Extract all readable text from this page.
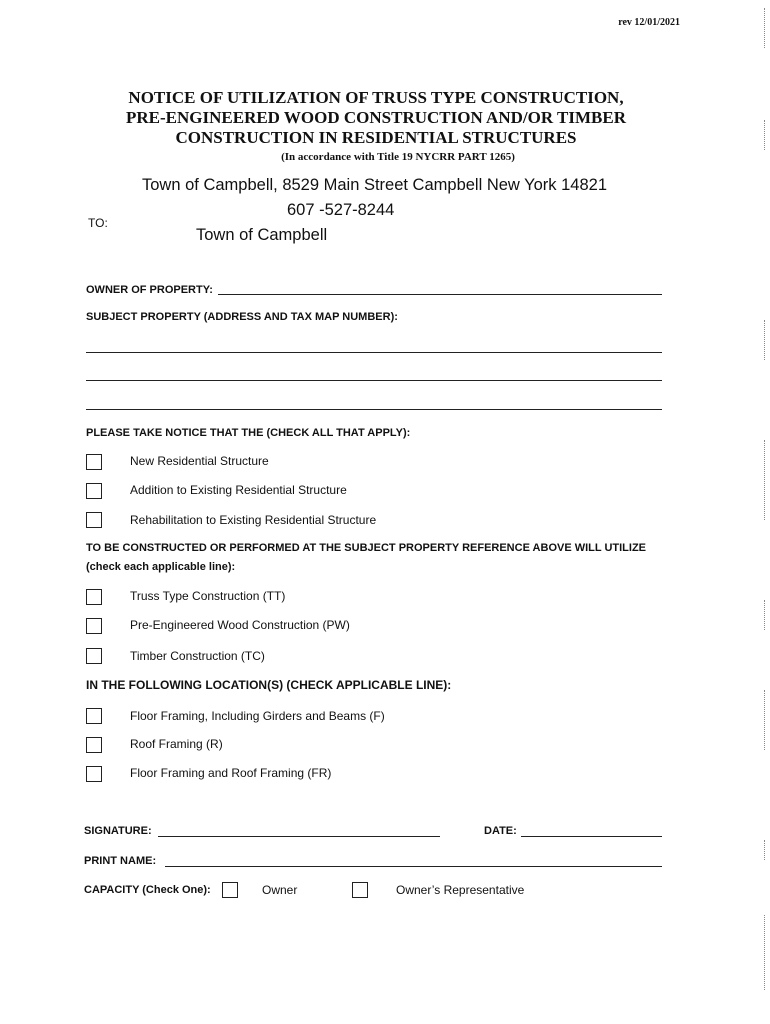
rev 12/01/2021
NOTICE OF UTILIZATION OF TRUSS TYPE CONSTRUCTION,
PRE-ENGINEERED WOOD CONSTRUCTION AND/OR TIMBER
CONSTRUCTION IN RESIDENTIAL STRUCTURES
(In accordance with Title 19 NYCRR PART 1265)
Town of Campbell, 8529 Main Street Campbell New York 14821
607 -527-8244
TO:
Town of Campbell
OWNER OF PROPERTY:
SUBJECT PROPERTY (ADDRESS AND TAX MAP NUMBER):
PLEASE TAKE NOTICE THAT THE (CHECK ALL THAT APPLY):
New Residential Structure
Addition to Existing Residential Structure
Rehabilitation to Existing Residential Structure
TO BE CONSTRUCTED OR PERFORMED AT THE SUBJECT PROPERTY REFERENCE ABOVE WILL UTILIZE
(check each applicable line):
Truss Type Construction (TT)
Pre-Engineered Wood Construction (PW)
Timber Construction (TC)
IN THE FOLLOWING LOCATION(S) (CHECK APPLICABLE LINE):
Floor Framing, Including Girders and Beams (F)
Roof Framing (R)
Floor Framing and Roof Framing (FR)
SIGNATURE:	DATE:
PRINT NAME:
CAPACITY (Check One):	Owner	Owner’s Representative
